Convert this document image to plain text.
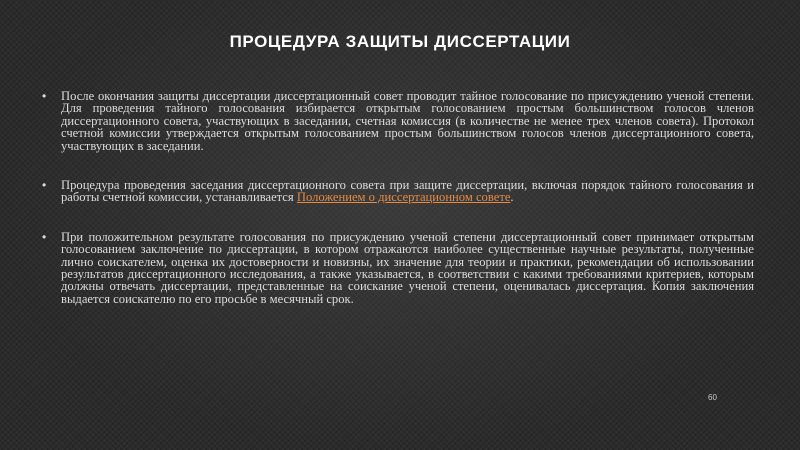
ПРОЦЕДУРА ЗАЩИТЫ ДИССЕРТАЦИИ
• После окончания защиты диссертации диссертационный совет проводит тайное голосование по присуждению ученой степени. Для проведения тайного голосования избирается открытым голосованием простым большинством голосов членов диссертационного совета, участвующих в заседании, счетная комиссия (в количестве не менее трех членов совета). Протокол счетной комиссии утверждается открытым голосованием простым большинством голосов членов диссертационного совета, участвующих в заседании.
• Процедура проведения заседания диссертационного совета при защите диссертации, включая порядок тайного голосования и работы счетной комиссии, устанавливается Положением о диссертационном совете.
• При положительном результате голосования по присуждению ученой степени диссертационный совет принимает открытым голосованием заключение по диссертации, в котором отражаются наиболее существенные научные результаты, полученные лично соискателем, оценка их достоверности и новизны, их значение для теории и практики, рекомендации об использовании результатов диссертационного исследования, а также указывается, в соответствии с какими требованиями критериев, которым должны отвечать диссертации, представленные на соискание ученой степени, оценивалась диссертация. Копия заключения выдается соискателю по его просьбе в месячный срок.
60
